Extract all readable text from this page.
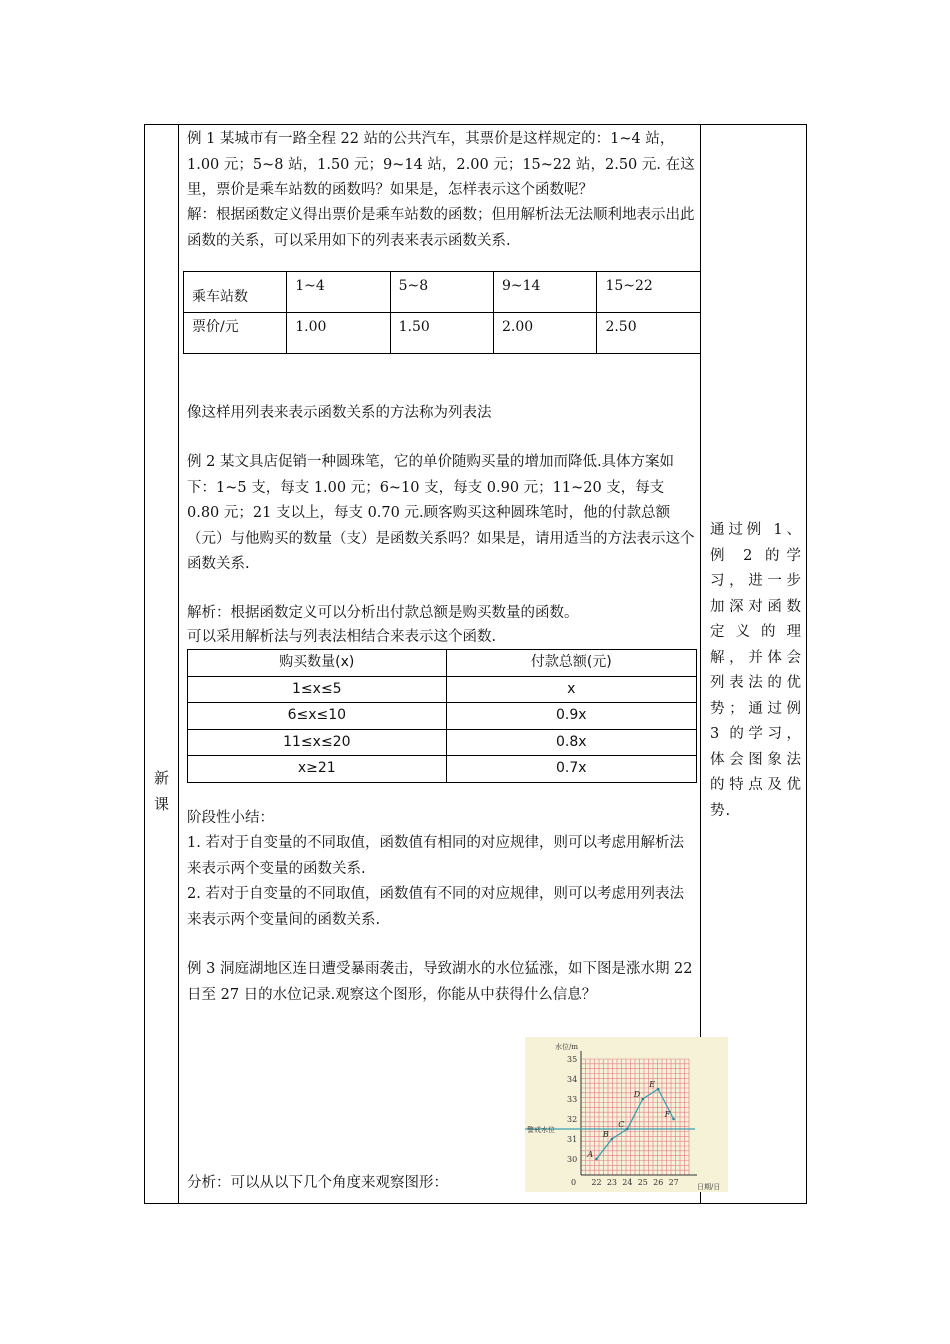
新
课
例 1 某城市有一路全程 22 站的公共汽车，其票价是这样规定的：1~4 站，1.00 元；5~8 站，1.50 元；9~14 站，2.00 元；15~22 站，2.50 元. 在这里，票价是乘车站数的函数吗？如果是，怎样表示这个函数呢？
解：根据函数定义得出票价是乘车站数的函数；但用解析法无法顺利地表示出此函数的关系，可以采用如下的列表来表示函数关系.
乘车站数	1~4	5~8	9~14	15~22
票价/元	1.00	1.50	2.00	2.50
像这样用列表来表示函数关系的方法称为列表法
例 2 某文具店促销一种圆珠笔，它的单价随购买量的增加而降低.具体方案如下：1~5 支，每支 1.00 元；6~10 支，每支 0.90 元；11~20 支，每支 0.80 元；21 支以上，每支 0.70 元.顾客购买这种圆珠笔时，他的付款总额（元）与他购买的数量（支）是函数关系吗？如果是，请用适当的方法表示这个函数关系.
解析：根据函数定义可以分析出付款总额是购买数量的函数。
可以采用解析法与列表法相结合来表示这个函数.
购买数量(x)	付款总额(元)
1≤x≤5	x
6≤x≤10	0.9x
11≤x≤20	0.8x
x≥21	0.7x
阶段性小结：
1. 若对于自变量的不同取值，函数值有相同的对应规律，则可以考虑用解析法来表示两个变量的函数关系.
2. 若对于自变量的不同取值，函数值有不同的对应规律，则可以考虑用列表法来表示两个变量间的函数关系.
例 3 洞庭湖地区连日遭受暴雨袭击，导致湖水的水位猛涨，如下图是涨水期 22 日至 27 日的水位记录.观察这个图形，你能从中获得什么信息？
警戒水位
水位/m
日期/日
0
30
31
32
33
34
35
22 23 24 25 26 27
A
B
C
D
E
F
分析：可以从以下几个角度来观察图形：
通过例 1、例 2 的学习，进一步加深对函数定义的理解，并体会列表法的优势；通过例 3 的学习，体会图象法的特点及优势.
